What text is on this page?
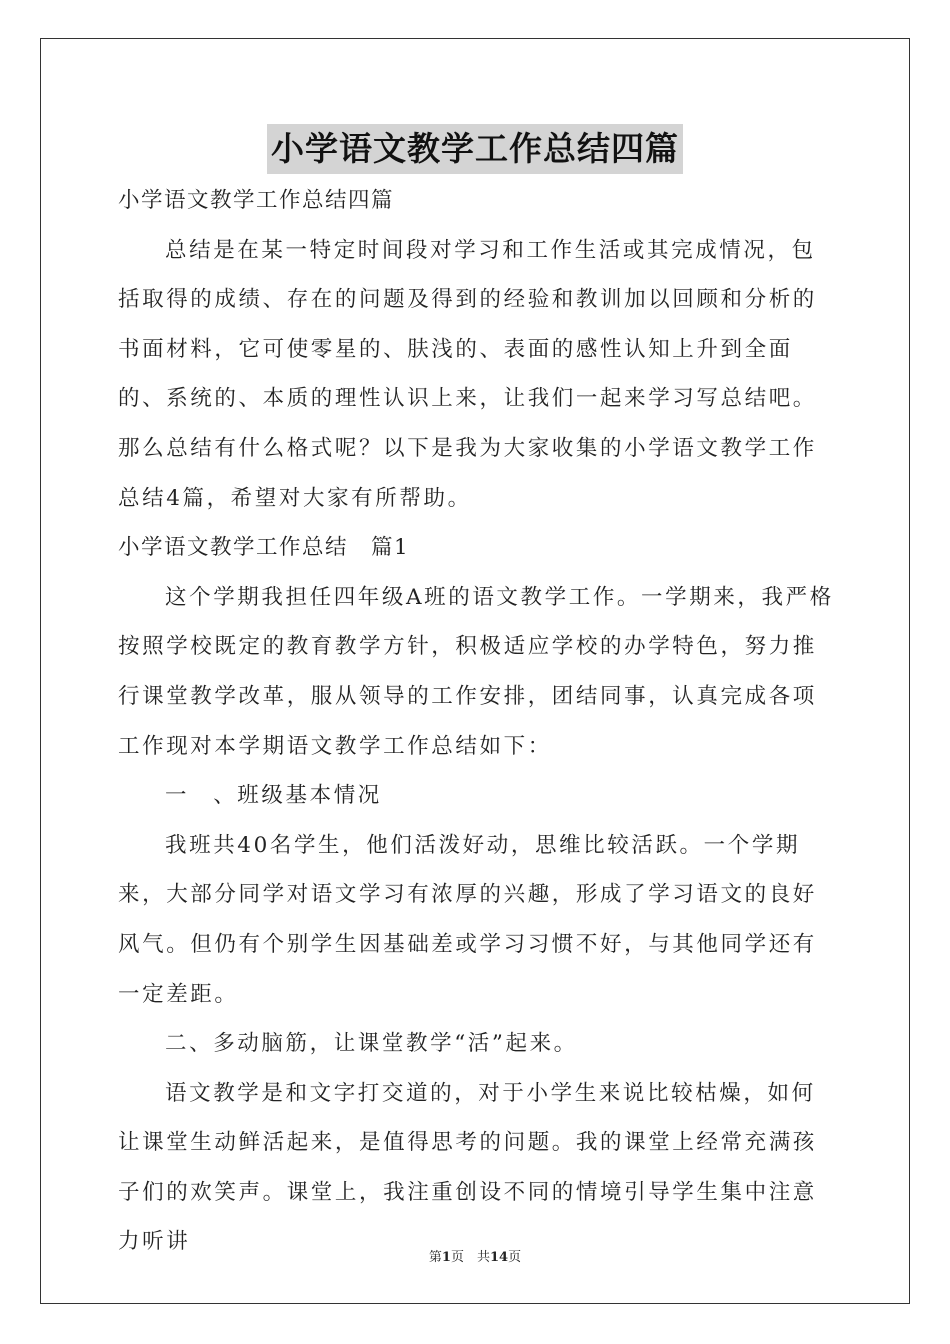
小学语文教学工作总结四篇

小学语文教学工作总结四篇

总结是在某一特定时间段对学习和工作生活或其完成情况，包括取得的成绩、存在的问题及得到的经验和教训加以回顾和分析的书面材料，它可使零星的、肤浅的、表面的感性认知上升到全面的、系统的、本质的理性认识上来，让我们一起来学习写总结吧。那么总结有什么格式呢？以下是我为大家收集的小学语文教学工作总结4篇，希望对大家有所帮助。

小学语文教学工作总结　篇1

这个学期我担任四年级A班的语文教学工作。一学期来，我严格按照学校既定的教育教学方针，积极适应学校的办学特色，努力推行课堂教学改革，服从领导的工作安排，团结同事，认真完成各项工作现对本学期语文教学工作总结如下：

一　、班级基本情况

我班共40名学生，他们活泼好动，思维比较活跃。一个学期来，大部分同学对语文学习有浓厚的兴趣，形成了学习语文的良好风气。但仍有个别学生因基础差或学习习惯不好，与其他同学还有一定差距。

二、多动脑筋，让课堂教学“活”起来。

语文教学是和文字打交道的，对于小学生来说比较枯燥，如何让课堂生动鲜活起来，是值得思考的问题。我的课堂上经常充满孩子们的欢笑声。课堂上，我注重创设不同的情境引导学生集中注意力听讲

第1页　共14页
